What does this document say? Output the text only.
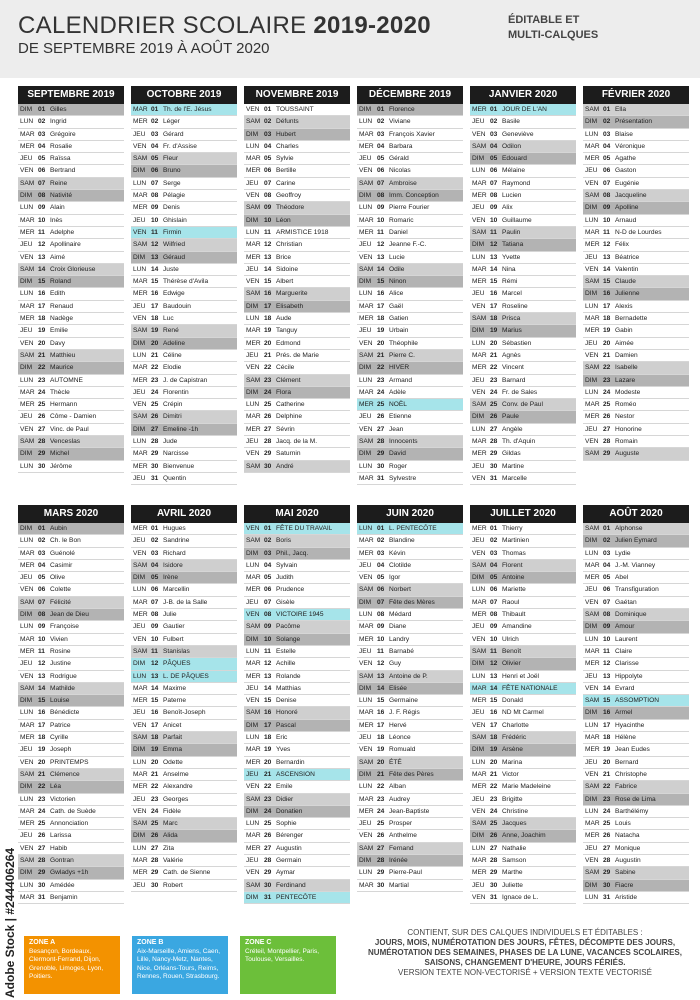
CALENDRIER SCOLAIRE 2019-2020
DE SEPTEMBRE 2019 À AOÛT 2020
ÉDITABLE ET
MULTI-CALQUES
SEPTEMBRE 2019
DIM 01 Gilles
LUN 02 Ingrid
MAR 03 Grégoire
MER 04 Rosalie
JEU 05 Raïssa
VEN 06 Bertrand
SAM 07 Reine
DIM 08 Nativité
LUN 09 Alain
MAR 10 Inès
MER 11 Adelphe
JEU 12 Apollinaire
VEN 13 Aimé
SAM 14 Croix Glorieuse
DIM 15 Roland
LUN 16 Edith
MAR 17 Renaud
MER 18 Nadège
JEU 19 Emilie
VEN 20 Davy
SAM 21 Matthieu
DIM 22 Maurice
LUN 23 AUTOMNE
MAR 24 Thècle
MER 25 Hermann
JEU 26 Côme - Damien
VEN 27 Vinc. de Paul
SAM 28 Venceslas
DIM 29 Michel
LUN 30 Jérôme
OCTOBRE 2019
MAR 01 Th. de l'E. Jésus
MER 02 Léger
JEU 03 Gérard
VEN 04 Fr. d'Assise
SAM 05 Fleur
DIM 06 Bruno
LUN 07 Serge
MAR 08 Pélagie
MER 09 Denis
JEU 10 Ghislain
VEN 11 Firmin
SAM 12 Wilfried
DIM 13 Géraud
LUN 14 Juste
MAR 15 Thérèse d'Avila
MER 16 Edwige
JEU 17 Baudouin
VEN 18 Luc
SAM 19 René
DIM 20 Adeline
LUN 21 Céline
MAR 22 Elodie
MER 23 J. de Capistran
JEU 24 Florentin
VEN 25 Crépin
SAM 26 Dimitri
DIM 27 Emeline -1h
LUN 28 Jude
MAR 29 Narcisse
MER 30 Bienvenue
JEU 31 Quentin
NOVEMBRE 2019
VEN 01 TOUSSAINT
SAM 02 Défunts
DIM 03 Hubert
LUN 04 Charles
MAR 05 Sylvie
MER 06 Bertille
JEU 07 Carine
VEN 08 Geoffroy
SAM 09 Théodore
DIM 10 Léon
LUN 11 ARMISTICE 1918
MAR 12 Christian
MER 13 Brice
JEU 14 Sidoine
VEN 15 Albert
SAM 16 Marguerite
DIM 17 Elisabeth
LUN 18 Aude
MAR 19 Tanguy
MER 20 Edmond
JEU 21 Prés. de Marie
VEN 22 Cécile
SAM 23 Clément
DIM 24 Flora
LUN 25 Catherine
MAR 26 Delphine
MER 27 Sévrin
JEU 28 Jacq. de la M.
VEN 29 Saturnin
SAM 30 André
DÉCEMBRE 2019
DIM 01 Florence
LUN 02 Viviane
MAR 03 François Xavier
MER 04 Barbara
JEU 05 Gérald
VEN 06 Nicolas
SAM 07 Ambroise
DIM 08 Imm. Conception
LUN 09 Pierre Fourier
MAR 10 Romaric
MER 11 Daniel
JEU 12 Jeanne F.-C.
VEN 13 Lucie
SAM 14 Odile
DIM 15 Ninon
LUN 16 Alice
MAR 17 Gaël
MER 18 Gatien
JEU 19 Urbain
VEN 20 Théophile
SAM 21 Pierre C.
DIM 22 HIVER
LUN 23 Armand
MAR 24 Adèle
MER 25 NOËL
JEU 26 Etienne
VEN 27 Jean
SAM 28 Innocents
DIM 29 David
LUN 30 Roger
MAR 31 Sylvestre
JANVIER 2020
MER 01 JOUR DE L'AN
JEU 02 Basile
VEN 03 Geneviève
SAM 04 Odilon
DIM 05 Edouard
LUN 06 Mélaine
MAR 07 Raymond
MER 08 Lucien
JEU 09 Alix
VEN 10 Guillaume
SAM 11 Paulin
DIM 12 Tatiana
LUN 13 Yvette
MAR 14 Nina
MER 15 Rémi
JEU 16 Marcel
VEN 17 Roseline
SAM 18 Prisca
DIM 19 Marius
LUN 20 Sébastien
MAR 21 Agnès
MER 22 Vincent
JEU 23 Barnard
VEN 24 Fr. de Sales
SAM 25 Conv. de Paul
DIM 26 Paule
LUN 27 Angèle
MAR 28 Th. d'Aquin
MER 29 Gildas
JEU 30 Martine
VEN 31 Marcelle
FÉVRIER 2020
SAM 01 Ella
DIM 02 Présentation
LUN 03 Blaise
MAR 04 Véronique
MER 05 Agathe
JEU 06 Gaston
VEN 07 Eugénie
SAM 08 Jacqueline
DIM 09 Apolline
LUN 10 Arnaud
MAR 11 N-D de Lourdes
MER 12 Félix
JEU 13 Béatrice
VEN 14 Valentin
SAM 15 Claude
DIM 16 Julienne
LUN 17 Alexis
MAR 18 Bernadette
MER 19 Gabin
JEU 20 Aimée
VEN 21 Damien
SAM 22 Isabelle
DIM 23 Lazare
LUN 24 Modeste
MAR 25 Roméo
MER 26 Nestor
JEU 27 Honorine
VEN 28 Romain
SAM 29 Auguste
MARS 2020
DIM 01 Aubin
LUN 02 Ch. le Bon
MAR 03 Guénolé
MER 04 Casimir
JEU 05 Olive
VEN 06 Colette
SAM 07 Félicité
DIM 08 Jean de Dieu
LUN 09 Françoise
MAR 10 Vivien
MER 11 Rosine
JEU 12 Justine
VEN 13 Rodrigue
SAM 14 Mathilde
DIM 15 Louise
LUN 16 Bénédicte
MAR 17 Patrice
MER 18 Cyrille
JEU 19 Joseph
VEN 20 PRINTEMPS
SAM 21 Clémence
DIM 22 Léa
LUN 23 Victorien
MAR 24 Cath. de Suède
MER 25 Annonciation
JEU 26 Larissa
VEN 27 Habib
SAM 28 Gontran
DIM 29 Gwladys +1h
LUN 30 Amédée
MAR 31 Benjamin
AVRIL 2020
MER 01 Hugues
JEU 02 Sandrine
VEN 03 Richard
SAM 04 Isidore
DIM 05 Irène
LUN 06 Marcellin
MAR 07 J-B. de la Salle
MER 08 Julie
JEU 09 Gautier
VEN 10 Fulbert
SAM 11 Stanislas
DIM 12 PÂQUES
LUN 13 L. DE PÂQUES
MAR 14 Maxime
MER 15 Paterne
JEU 16 Benoît-Joseph
VEN 17 Anicet
SAM 18 Parfait
DIM 19 Emma
LUN 20 Odette
MAR 21 Anselme
MER 22 Alexandre
JEU 23 Georges
VEN 24 Fidèle
SAM 25 Marc
DIM 26 Alida
LUN 27 Zita
MAR 28 Valérie
MER 29 Cath. de Sienne
JEU 30 Robert
MAI 2020
VEN 01 FÊTE DU TRAVAIL
SAM 02 Boris
DIM 03 Phil., Jacq.
LUN 04 Sylvain
MAR 05 Judith
MER 06 Prudence
JEU 07 Gisèle
VEN 08 VICTOIRE 1945
SAM 09 Pacôme
DIM 10 Solange
LUN 11 Estelle
MAR 12 Achille
MER 13 Rolande
JEU 14 Matthias
VEN 15 Denise
SAM 16 Honoré
DIM 17 Pascal
LUN 18 Eric
MAR 19 Yves
MER 20 Bernardin
JEU 21 ASCENSION
VEN 22 Emile
SAM 23 Didier
DIM 24 Donatien
LUN 25 Sophie
MAR 26 Bérenger
MER 27 Augustin
JEU 28 Germain
VEN 29 Aymar
SAM 30 Ferdinand
DIM 31 PENTECÔTE
JUIN 2020
LUN 01 L. PENTECÔTE
MAR 02 Blandine
MER 03 Kévin
JEU 04 Clotilde
VEN 05 Igor
SAM 06 Norbert
DIM 07 Fête des Mères
LUN 08 Médard
MAR 09 Diane
MER 10 Landry
JEU 11 Barnabé
VEN 12 Guy
SAM 13 Antoine de P.
DIM 14 Elisée
LUN 15 Germaine
MAR 16 J. F. Régis
MER 17 Hervé
JEU 18 Léonce
VEN 19 Romuald
SAM 20 ÉTÉ
DIM 21 Fête des Pères
LUN 22 Alban
MAR 23 Audrey
MER 24 Jean-Baptiste
JEU 25 Prosper
VEN 26 Anthelme
SAM 27 Fernand
DIM 28 Irénée
LUN 29 Pierre-Paul
MAR 30 Martial
JUILLET 2020
MER 01 Thierry
JEU 02 Martinien
VEN 03 Thomas
SAM 04 Florent
DIM 05 Antoine
LUN 06 Mariette
MAR 07 Raoul
MER 08 Thibault
JEU 09 Amandine
VEN 10 Ulrich
SAM 11 Benoît
DIM 12 Olivier
LUN 13 Henri et Joël
MAR 14 FÊTE NATIONALE
MER 15 Donald
JEU 16 ND Mt Carmel
VEN 17 Charlotte
SAM 18 Frédéric
DIM 19 Arsène
LUN 20 Marina
MAR 21 Victor
MER 22 Marie Madeleine
JEU 23 Brigitte
VEN 24 Christine
SAM 25 Jacques
DIM 26 Anne, Joachim
LUN 27 Nathalie
MAR 28 Samson
MER 29 Marthe
JEU 30 Juliette
VEN 31 Ignace de L.
AOÛT 2020
SAM 01 Alphonse
DIM 02 Julien Eymard
LUN 03 Lydie
MAR 04 J.-M. Vianney
MER 05 Abel
JEU 06 Transfiguration
VEN 07 Gaétan
SAM 08 Dominique
DIM 09 Amour
LUN 10 Laurent
MAR 11 Claire
MER 12 Clarisse
JEU 13 Hippolyte
VEN 14 Evrard
SAM 15 ASSOMPTION
DIM 16 Armel
LUN 17 Hyacinthe
MAR 18 Hélène
MER 19 Jean Eudes
JEU 20 Bernard
VEN 21 Christophe
SAM 22 Fabrice
DIM 23 Rose de Lima
LUN 24 Barthélémy
MAR 25 Louis
MER 26 Natacha
JEU 27 Monique
VEN 28 Augustin
SAM 29 Sabine
DIM 30 Fiacre
LUN 31 Aristide
ZONE A
Besançon, Bordeaux, Clermont-Ferrand, Dijon, Grenoble, Limoges, Lyon, Poitiers.
ZONE B
Aix-Marseille, Amiens, Caen, Lille, Nancy-Metz, Nantes, Nice, Orléans-Tours, Reims, Rennes, Rouen, Strasbourg.
ZONE C
Créteil, Montpellier, Paris, Toulouse, Versailles.
CONTIENT, SUR DES CALQUES INDIVIDUELS ET ÉDITABLES :
JOURS, MOIS, NUMÉROTATION DES JOURS, FÊTES, DÉCOMPTE DES JOURS,
NUMÉROTATION DES SEMAINES, PHASES DE LA LUNE, VACANCES SCOLAIRES,
SAISONS, CHANGEMENT D'HEURE, JOURS FÉRIÉS.
VERSION TEXTE NON-VECTORISÉ + VERSION TEXTE VECTORISÉ
Adobe Stock | #244406264
